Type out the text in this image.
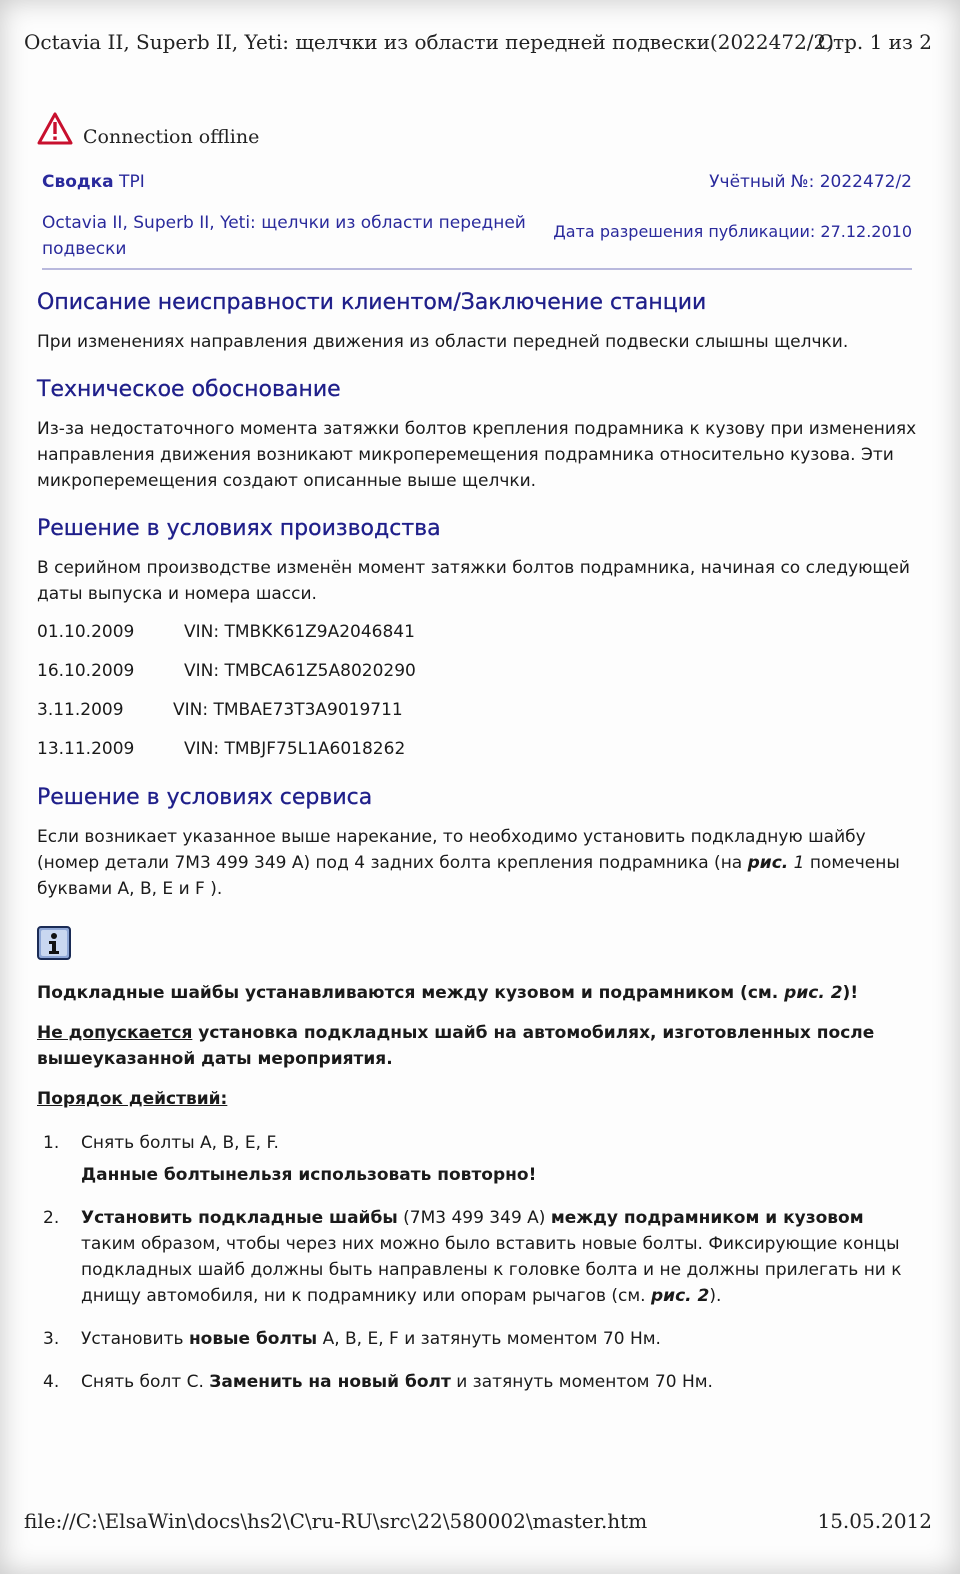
Octavia II, Superb II, Yeti: щелчки из области передней подвески(2022472/2)
Стр. 1 из 2
Connection offline
Сводка TPI	Учётный №: 2022472/2
Octavia II, Superb II, Yeti: щелчки из области передней подвески
Дата разрешения публикации: 27.12.2010
Описание неисправности клиентом/Заключение станции

При изменениях направления движения из области передней подвески слышны щелчки.

Техническое обоснование

Из-за недостаточного момента затяжки болтов крепления подрамника к кузову при изменениях направления движения возникают микроперемещения подрамника относительно кузова. Эти микроперемещения создают описанные выше щелчки.

Решение в условиях производства

В серийном производстве изменён момент затяжки болтов подрамника, начиная со следующей даты выпуска и номера шасси.

01.10.2009	VIN: TMBKK61Z9A2046841
16.10.2009	VIN: TMBCA61Z5A8020290
3.11.2009	VIN: TMBAE73T3A9019711
13.11.2009	VIN: TMBJF75L1A6018262
Решение в условиях сервиса

Если возникает указанное выше нарекание, то необходимо установить подкладную шайбу (номер детали 7M3 499 349 A) под 4 задних болта крепления подрамника (на рис. 1 помечены буквами A, B, E и F ).

Подкладные шайбы устанавливаются между кузовом и подрамником (см. рис. 2)!

Не допускается установка подкладных шайб на автомобилях, изготовленных после вышеуказанной даты мероприятия.

Порядок действий:

1. Снять болты A, B, E, F.
Данные болтынельзя использовать повторно!
2. Установить подкладные шайбы (7M3 499 349 A) между подрамником и кузовом таким образом, чтобы через них можно было вставить новые болты. Фиксирующие концы подкладных шайб должны быть направлены к головке болта и не должны прилегать ни к днищу автомобиля, ни к подрамнику или опорам рычагов (см. рис. 2).
3. Установить новые болты A, B, E, F и затянуть моментом 70 Нм.
4. Снять болт C. Заменить на новый болт и затянуть моментом 70 Нм.
file://C:\ElsaWin\docs\hs2\C\ru-RU\src\22\580002\master.htm	15.05.2012
